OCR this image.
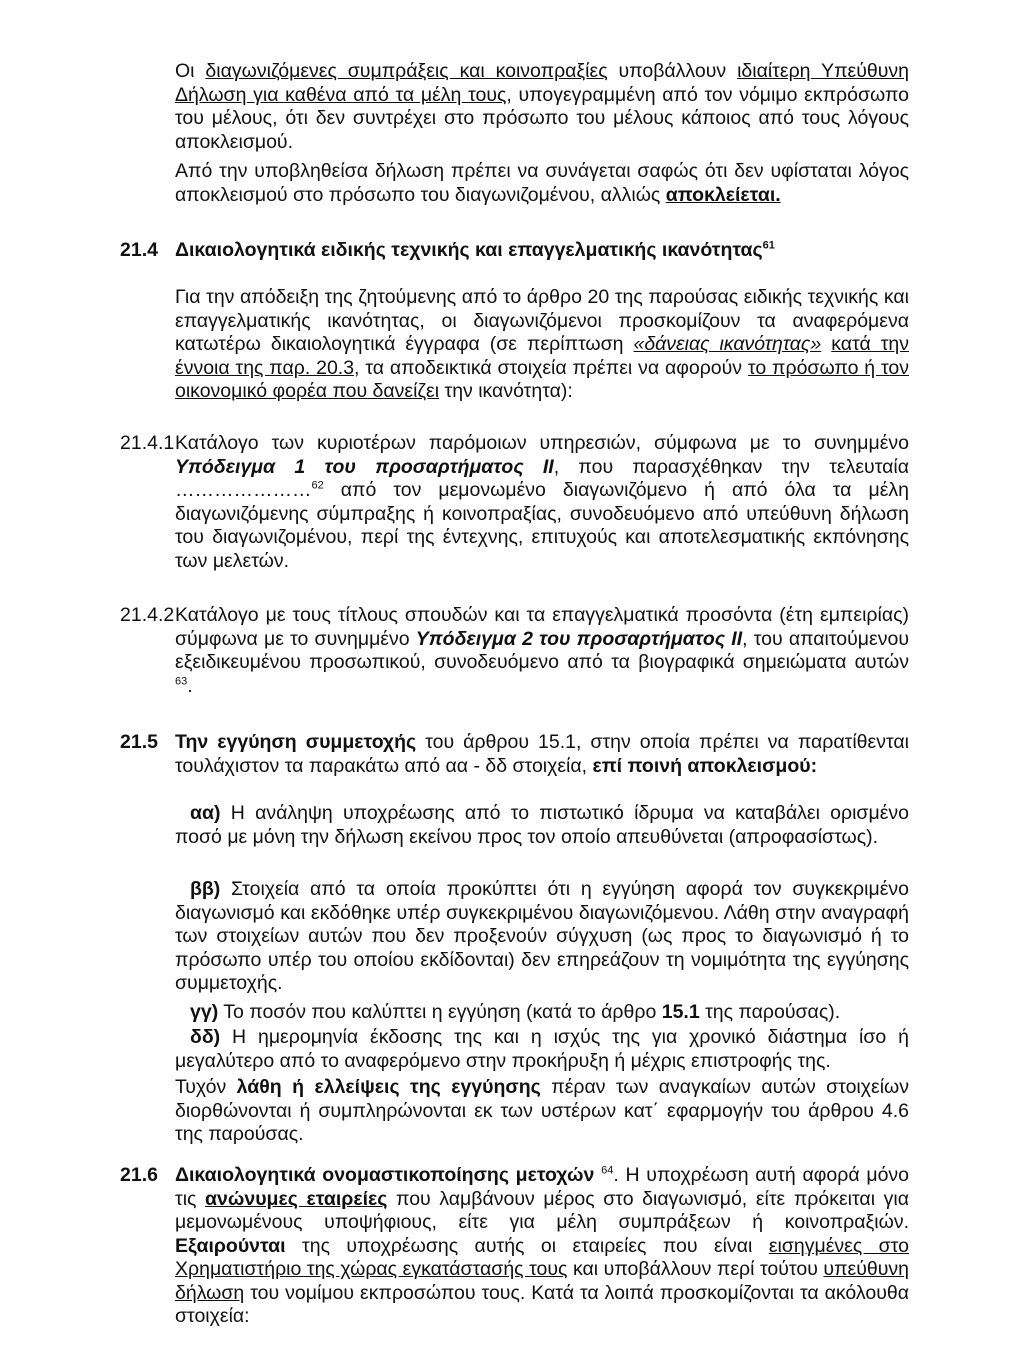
Οι διαγωνιζόμενες συμπράξεις και κοινοπραξίες υποβάλλουν ιδιαίτερη Υπεύθυνη Δήλωση για καθένα από τα μέλη τους, υπογεγραμμένη από τον νόμιμο εκπρόσωπο του μέλους, ότι δεν συντρέχει στο πρόσωπο του μέλους κάποιος από τους λόγους αποκλεισμού.
Από την υποβληθείσα δήλωση πρέπει να συνάγεται σαφώς ότι δεν υφίσταται λόγος αποκλεισμού στο πρόσωπο του διαγωνιζομένου, αλλιώς αποκλείεται.
21.4 Δικαιολογητικά ειδικής τεχνικής και επαγγελματικής ικανότητας$^{61}$
Για την απόδειξη της ζητούμενης από το άρθρο 20 της παρούσας ειδικής τεχνικής και επαγγελματικής ικανότητας, οι διαγωνιζόμενοι προσκομίζουν τα αναφερόμενα κατωτέρω δικαιολογητικά έγγραφα (σε περίπτωση «δάνειας ικανότητας» κατά την έννοια της παρ. 20.3, τα αποδεικτικά στοιχεία πρέπει να αφορούν το πρόσωπο ή τον οικονομικό φορέα που δανείζει την ικανότητα):
21.4.1 Κατάλογο των κυριοτέρων παρόμοιων υπηρεσιών, σύμφωνα με το συνημμένο Υπόδειγμα 1 του προσαρτήματος ΙΙ, που παρασχέθηκαν την τελευταία …………………$^{62}$ από τον μεμονωμένο διαγωνιζόμενο ή από όλα τα μέλη διαγωνιζόμενης σύμπραξης ή κοινοπραξίας, συνοδευόμενο από υπεύθυνη δήλωση του διαγωνιζομένου, περί της έντεχνης, επιτυχούς και αποτελεσματικής εκπόνησης των μελετών.
21.4.2 Κατάλογο με τους τίτλους σπουδών και τα επαγγελματικά προσόντα (έτη εμπειρίας) σύμφωνα με το συνημμένο Υπόδειγμα 2 του προσαρτήματος ΙΙ, του απαιτούμενου εξειδικευμένου προσωπικού, συνοδευόμενο από τα βιογραφικά σημειώματα αυτών $^{63}$.
21.5 Την εγγύηση συμμετοχής του άρθρου 15.1, στην οποία πρέπει να παρατίθενται τουλάχιστον τα παρακάτω από αα - δδ στοιχεία, επί ποινή αποκλεισμού:
αα) Η ανάληψη υποχρέωσης από το πιστωτικό ίδρυμα να καταβάλει ορισμένο ποσό με μόνη την δήλωση εκείνου προς τον οποίο απευθύνεται (απροφασίστως).
ββ) Στοιχεία από τα οποία προκύπτει ότι η εγγύηση αφορά τον συγκεκριμένο διαγωνισμό και εκδόθηκε υπέρ συγκεκριμένου διαγωνιζόμενου. Λάθη στην αναγραφή των στοιχείων αυτών που δεν προξενούν σύγχυση (ως προς το διαγωνισμό ή το πρόσωπο υπέρ του οποίου εκδίδονται) δεν επηρεάζουν τη νομιμότητα της εγγύησης συμμετοχής.
γγ) Το ποσόν που καλύπτει η εγγύηση (κατά το άρθρο 15.1 της παρούσας).
δδ) Η ημερομηνία έκδοσης της και η ισχύς της για χρονικό διάστημα ίσο ή μεγαλύτερο από το αναφερόμενο στην προκήρυξη ή μέχρις επιστροφής της.
Τυχόν λάθη ή ελλείψεις της εγγύησης πέραν των αναγκαίων αυτών στοιχείων διορθώνονται ή συμπληρώνονται εκ των υστέρων κατ΄ εφαρμογήν του άρθρου 4.6 της παρούσας.
21.6 Δικαιολογητικά ονομαστικοποίησης μετοχών $^{64}$. Η υποχρέωση αυτή αφορά μόνο τις ανώνυμες εταιρείες που λαμβάνουν μέρος στο διαγωνισμό, είτε πρόκειται για μεμονωμένους υποψήφιους, είτε για μέλη συμπράξεων ή κοινοπραξιών. Εξαιρούνται της υποχρέωσης αυτής οι εταιρείες που είναι εισηγμένες στο Χρηματιστήριο της χώρας εγκατάστασής τους και υποβάλλουν περί τούτου υπεύθυνη δήλωση του νομίμου εκπροσώπου τους. Κατά τα λοιπά προσκομίζονται τα ακόλουθα στοιχεία:
